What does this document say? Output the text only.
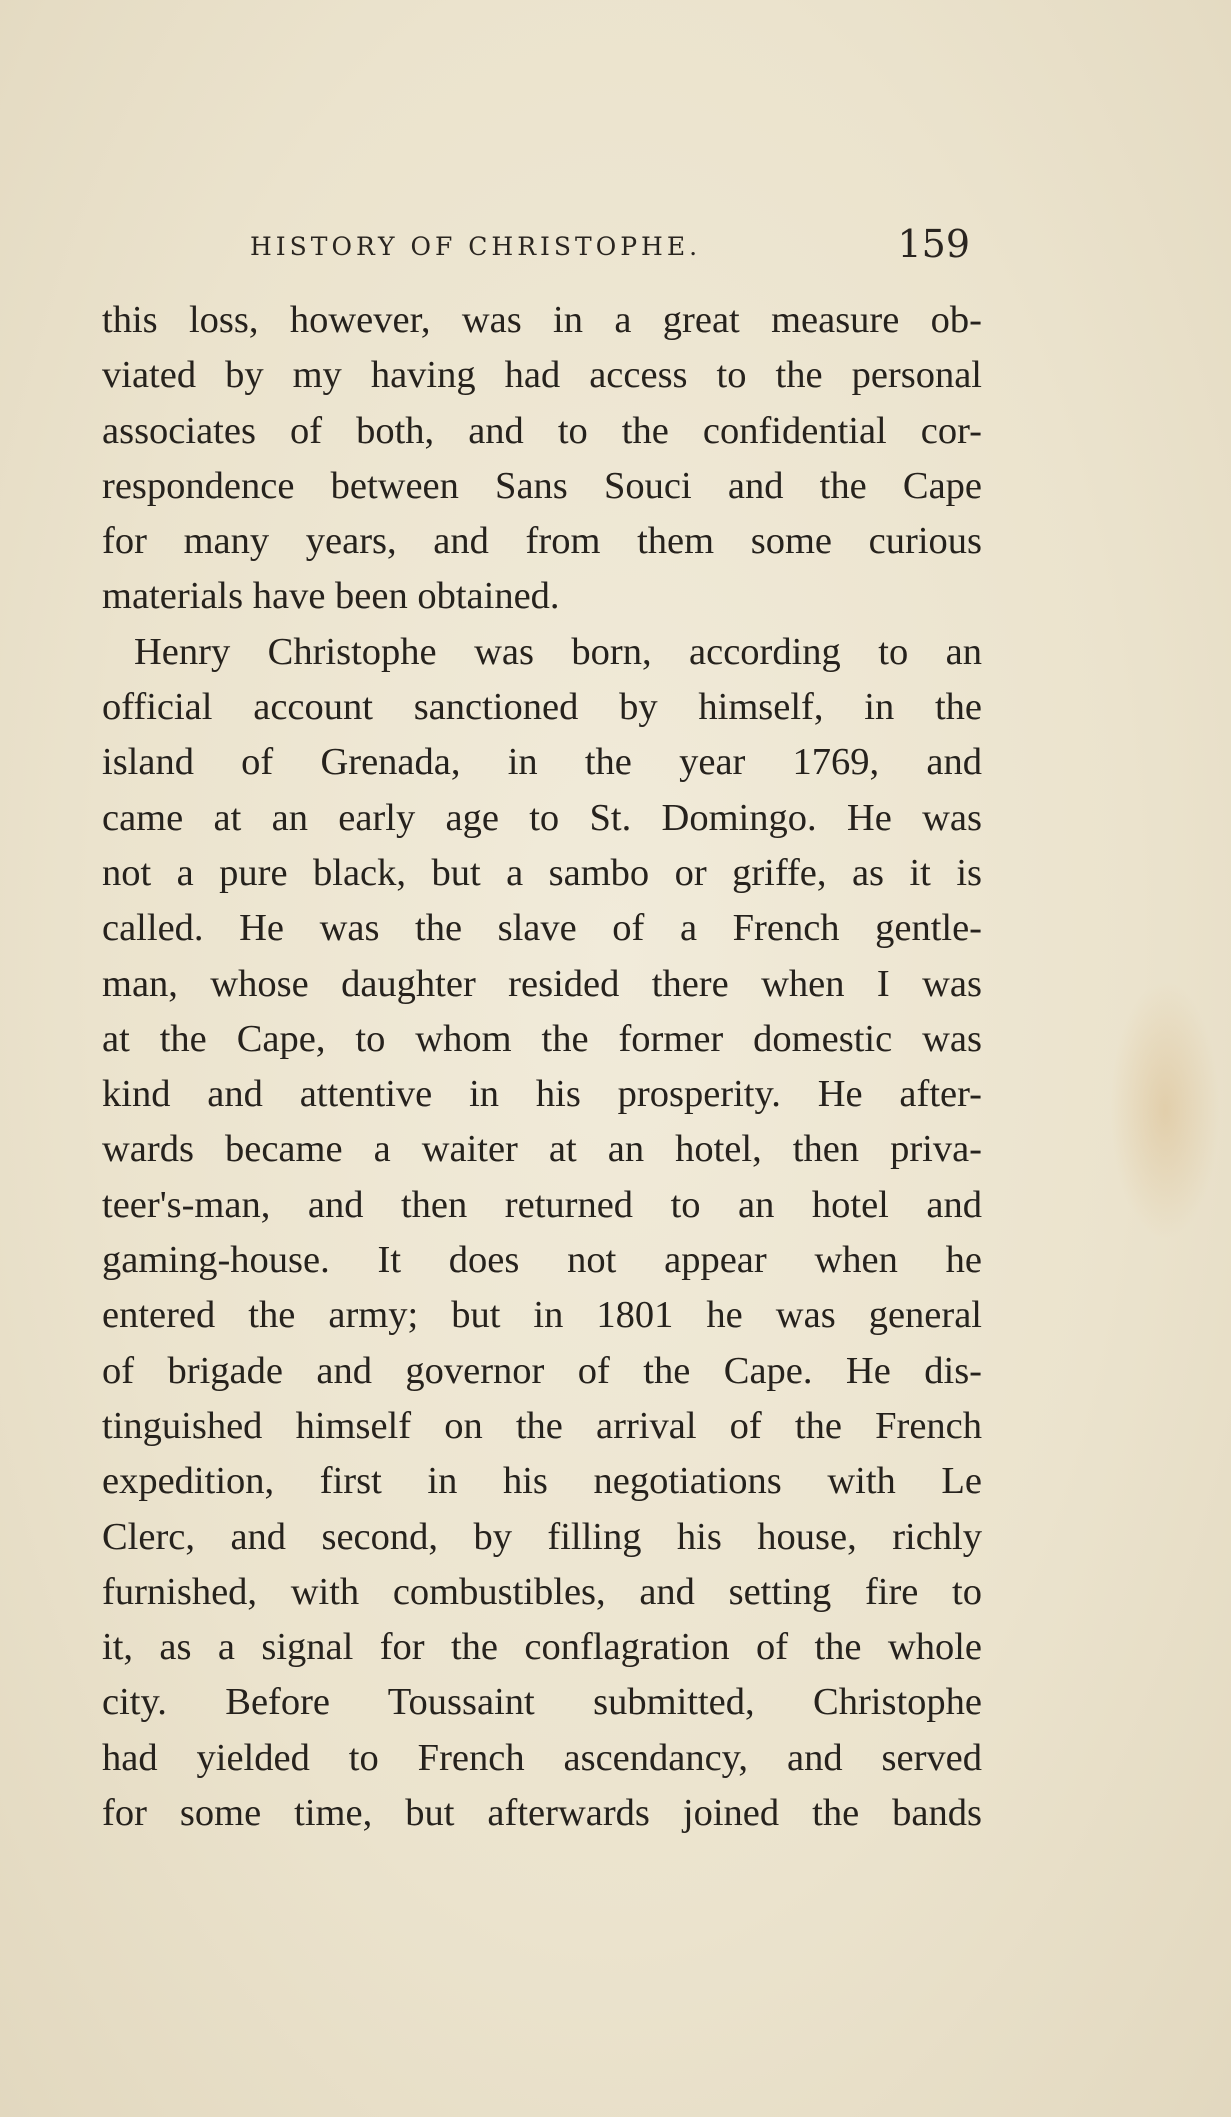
HISTORY OF CHRISTOPHE.	159
this loss, however, was in a great measure ob-
viated by my having had access to the personal
associates of both, and to the confidential cor-
respondence between Sans Souci and the Cape
for many years, and from them some curious
materials have been obtained.
Henry Christophe was born, according to an
official account sanctioned by himself, in the
island of Grenada, in the year 1769, and
came at an early age to St. Domingo. He was
not a pure black, but a sambo or griffe, as it is
called. He was the slave of a French gentle-
man, whose daughter resided there when I was
at the Cape, to whom the former domestic was
kind and attentive in his prosperity. He after-
wards became a waiter at an hotel, then priva-
teer's-man, and then returned to an hotel and
gaming-house. It does not appear when he
entered the army; but in 1801 he was general
of brigade and governor of the Cape. He dis-
tinguished himself on the arrival of the French
expedition, first in his negotiations with Le
Clerc, and second, by filling his house, richly
furnished, with combustibles, and setting fire to
it, as a signal for the conflagration of the whole
city. Before Toussaint submitted, Christophe
had yielded to French ascendancy, and served
for some time, but afterwards joined the bands
